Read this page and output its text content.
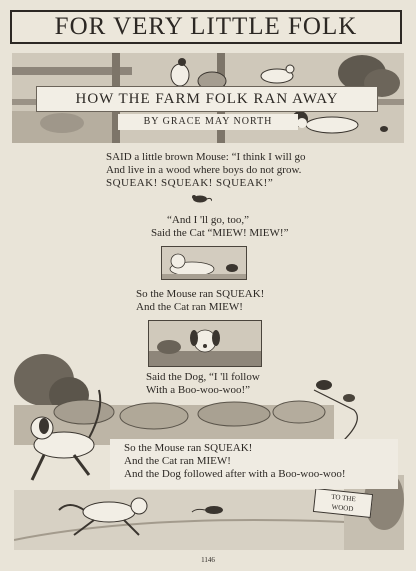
FOR VERY LITTLE FOLK
HOW THE FARM FOLK RAN AWAY
BY GRACE MAY NORTH
SAID a little brown Mouse: “I think I will go
And live in a wood where boys do not grow.
SQUEAK! SQUEAK! SQUEAK!”
“And I 'll go, too,”
Said the Cat “MIEW! MIEW!”
So the Mouse ran SQUEAK!
And the Cat ran MIEW!
Said the Dog, “I 'll follow
With a Boo-woo-woo!”
TO THE
WOOD
So the Mouse ran SQUEAK!
And the Cat ran MIEW!
And the Dog followed after with a Boo-woo-woo!
1146
